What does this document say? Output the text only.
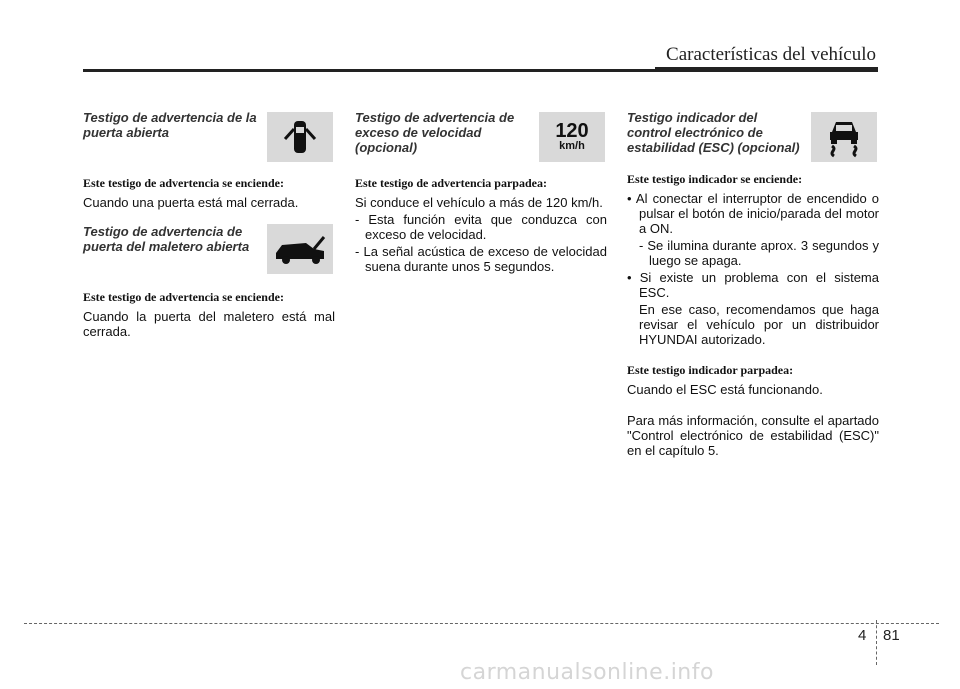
Características del vehículo
Testigo de advertencia de la puerta abierta
Este testigo de advertencia se enciende:

Cuando una puerta está mal cerrada.

Testigo de advertencia de puerta del maletero abierta
Este testigo de advertencia se enciende:

Cuando la puerta del maletero está mal cerrada.

Testigo de advertencia de exceso de velocidad (opcional)
120
km/h
Este testigo de advertencia parpadea:

Si conduce el vehículo a más de 120 km/h.

- Esta función evita que conduzca con exceso de velocidad.
- La señal acústica de exceso de velocidad suena durante unos 5 segundos.
Testigo indicador del control electrónico de estabilidad (ESC) (opcional)
Este testigo indicador se enciende:
• Al conectar el interruptor de encendido o pulsar el botón de inicio/parada del motor a ON.
- Se ilumina durante aprox. 3 segundos y luego se apaga.
• Si existe un problema con el sistema ESC.
En ese caso, recomendamos que haga revisar el vehículo por un distribuidor HYUNDAI autorizado.
Este testigo indicador parpadea:

Cuando el ESC está funcionando.

Para más información, consulte el apartado "Control electrónico de estabilidad (ESC)" en el capítulo 5.

4 81
carmanualsonline.info
